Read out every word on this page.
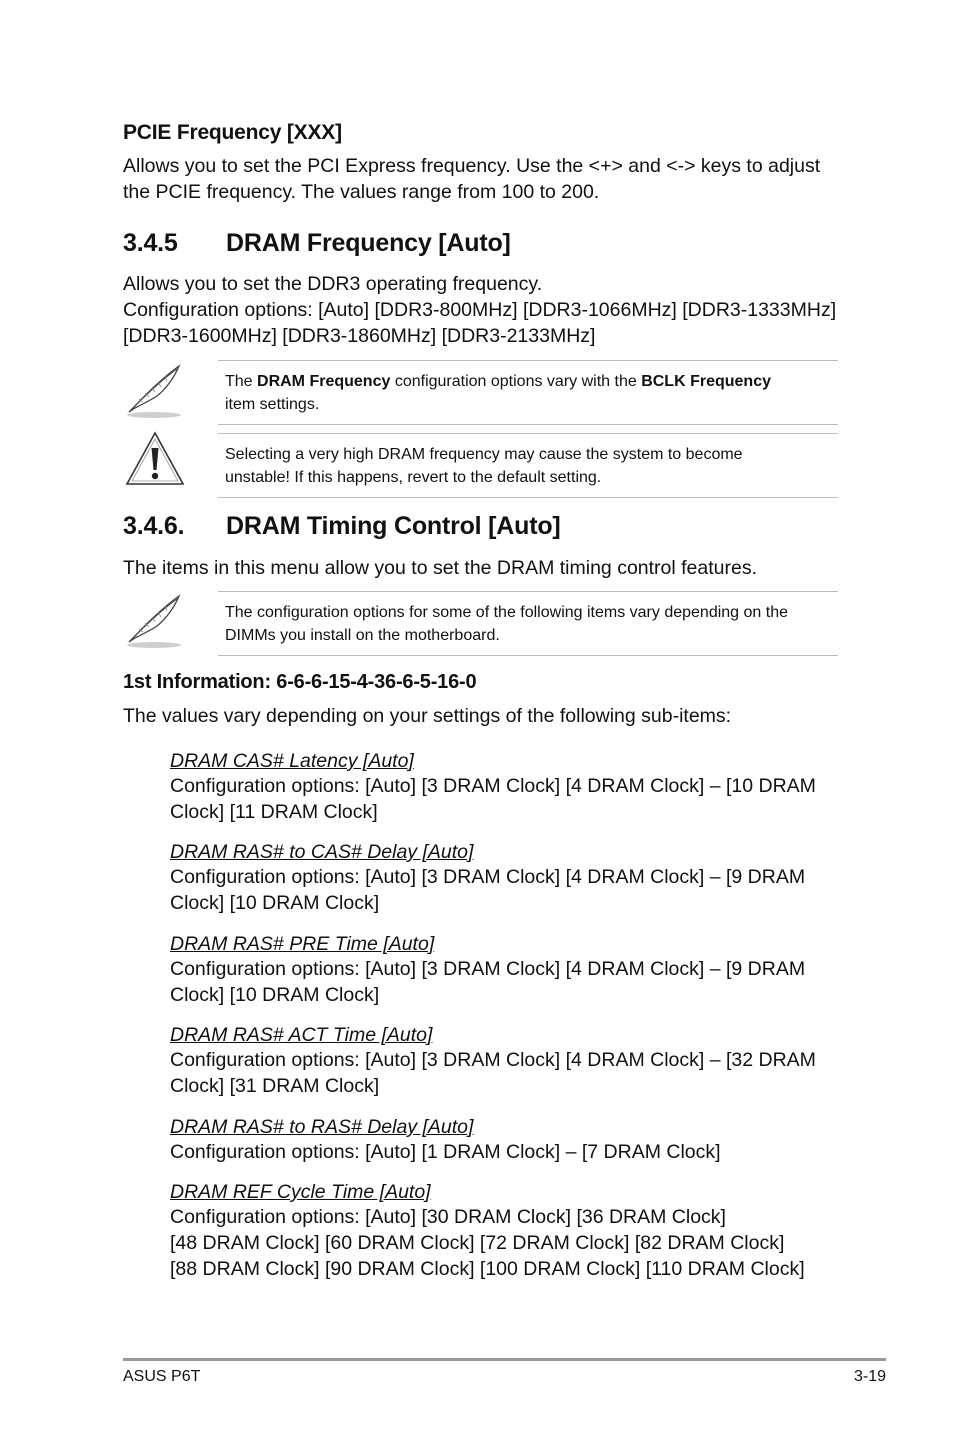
PCIE Frequency [XXX]
Allows you to set the PCI Express frequency. Use the <+> and <-> keys to adjust
the PCIE frequency. The values range from 100 to 200.
3.4.5 DRAM Frequency [Auto]
Allows you to set the DDR3 operating frequency.
Configuration options: [Auto] [DDR3-800MHz] [DDR3-1066MHz] [DDR3-1333MHz]
[DDR3-1600MHz] [DDR3-1860MHz] [DDR3-2133MHz]
The DRAM Frequency configuration options vary with the BCLK Frequency
item settings.
Selecting a very high DRAM frequency may cause the system to become
unstable! If this happens, revert to the default setting.
3.4.6. DRAM Timing Control [Auto]
The items in this menu allow you to set the DRAM timing control features.
The configuration options for some of the following items vary depending on the
DIMMs you install on the motherboard.
1st Information: 6-6-6-15-4-36-6-5-16-0
The values vary depending on your settings of the following sub-items:
DRAM CAS# Latency [Auto]
Configuration options: [Auto] [3 DRAM Clock] [4 DRAM Clock] – [10 DRAM
Clock] [11 DRAM Clock]
DRAM RAS# to CAS# Delay [Auto]
Configuration options: [Auto] [3 DRAM Clock] [4 DRAM Clock] – [9 DRAM
Clock] [10 DRAM Clock]
DRAM RAS# PRE Time [Auto]
Configuration options: [Auto] [3 DRAM Clock] [4 DRAM Clock] – [9 DRAM
Clock] [10 DRAM Clock]
DRAM RAS# ACT Time [Auto]
Configuration options: [Auto] [3 DRAM Clock] [4 DRAM Clock] – [32 DRAM
Clock] [31 DRAM Clock]
DRAM RAS# to RAS# Delay [Auto]
Configuration options: [Auto] [1 DRAM Clock] – [7 DRAM Clock]
DRAM REF Cycle Time [Auto]
Configuration options: [Auto] [30 DRAM Clock] [36 DRAM Clock]
[48 DRAM Clock] [60 DRAM Clock] [72 DRAM Clock] [82 DRAM Clock]
[88 DRAM Clock] [90 DRAM Clock] [100 DRAM Clock] [110 DRAM Clock]
ASUS P6T	3-19
